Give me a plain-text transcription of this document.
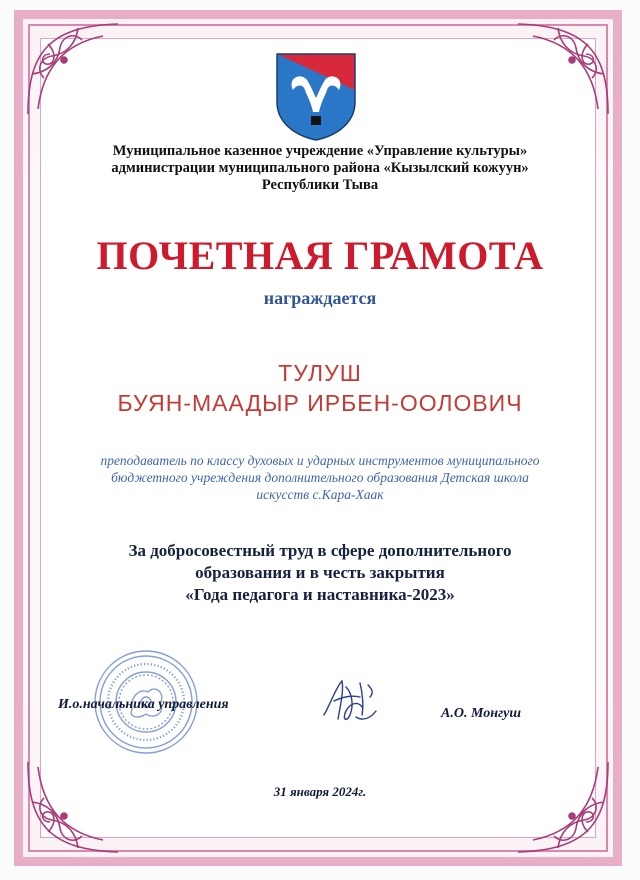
Муниципальное казенное учреждение «Управление культуры»
администрации муниципального района «Кызылский кожуун»
Республики Тыва
ПОЧЕТНАЯ ГРАМОТА
награждается
ТУЛУШ
БУЯН-МААДЫР ИРБЕН-ООЛОВИЧ
преподаватель по классу духовых и ударных инструментов муниципального
бюджетного учреждения дополнительного образования Детская школа
искусств с.Кара-Хаак
За добросовестный труд в сфере дополнительного
образования и в честь закрытия
«Года педагога и наставника-2023»
И.о.начальника управления
А.О. Монгуш
31 января 2024г.
